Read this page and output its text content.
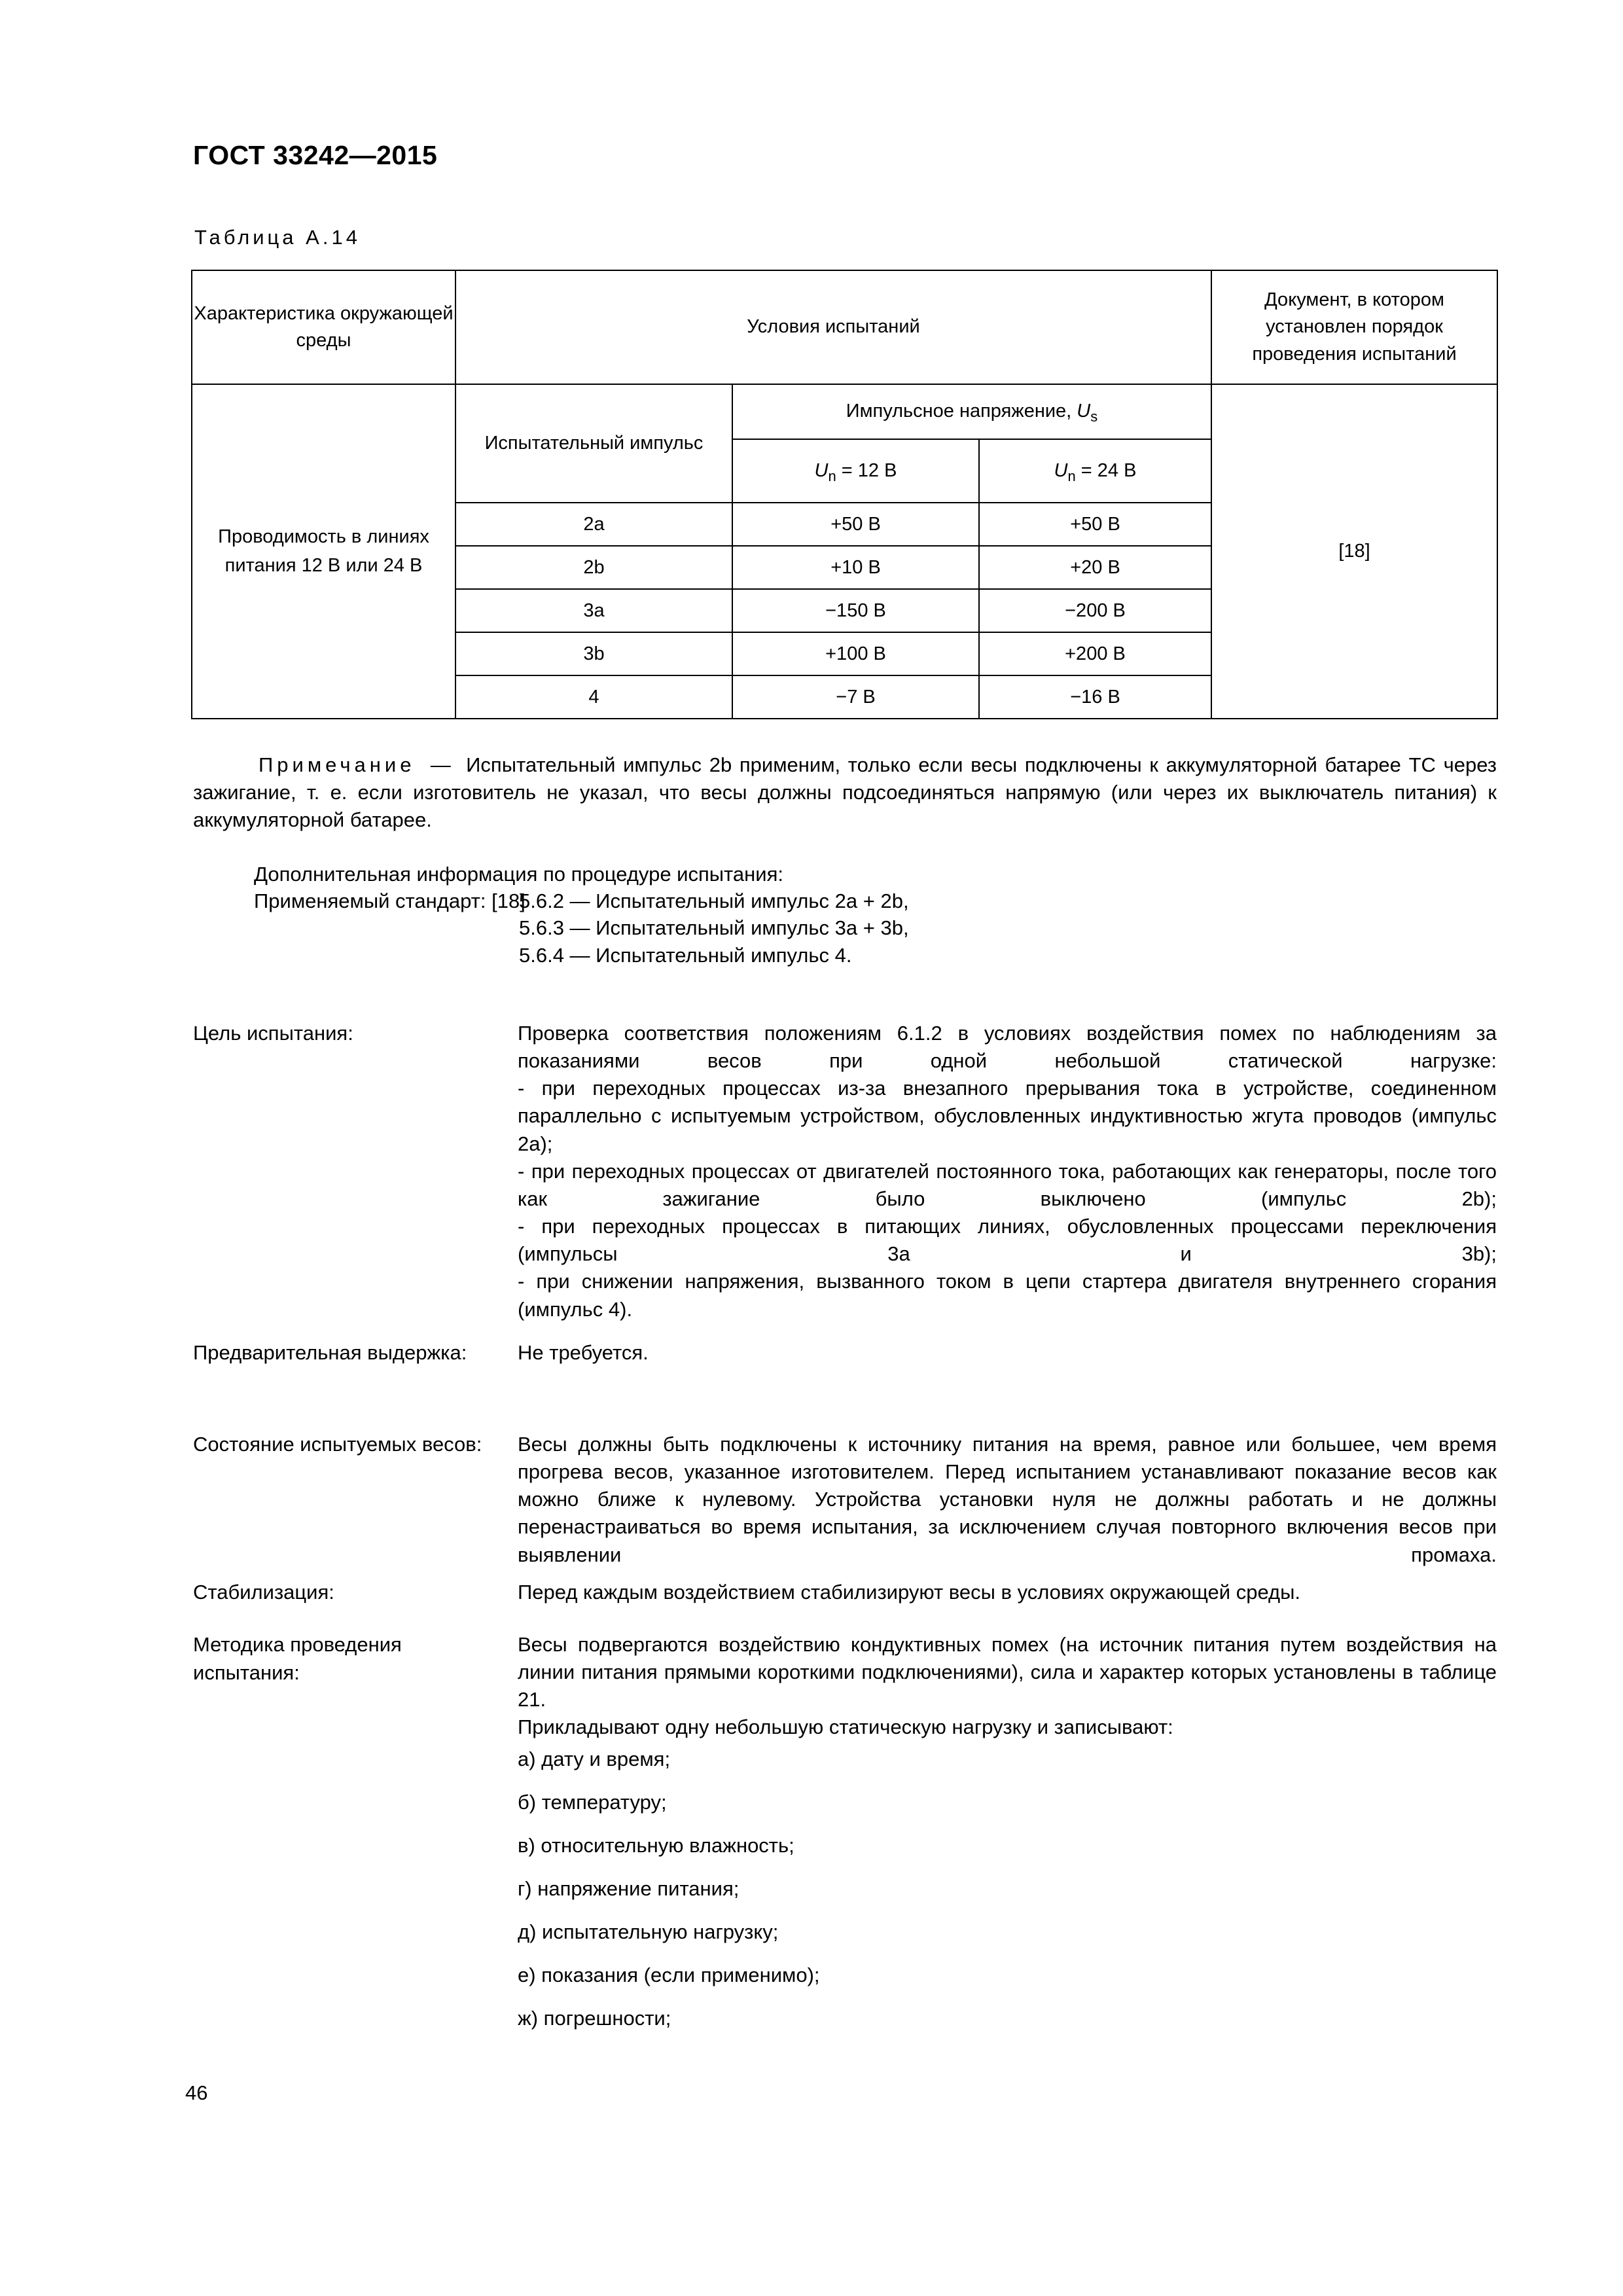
ГОСТ 33242—2015
Таблица А.14
Характеристика окружающей среды	Условия испытаний			Документ, в котором установлен порядок проведения испытаний
Проводимость в линиях питания 12 В или 24 В	Испытательный импульс	Импульсное напряжение, $U_s$		[18]
		$U_n = 12$ В	$U_n = 24$ В	
	2a	+50 В	+50 В	
	2b	+10 В	+20 В	
	3a	−150 В	−200 В	
	3b	+100 В	+200 В	
	4	−7 В	−16 В	
Примечание — Испытательный импульс 2b применим, только если весы подключены к аккумуляторной батарее ТС через зажигание, т. е. если изготовитель не указал, что весы должны подсоединяться напрямую (или через их выключатель питания) к аккумуляторной батарее.
Дополнительная информация по процедуре испытания:
Применяемый стандарт: [18]5.6.2 — Испытательный импульс 2a + 2b,
5.6.3 — Испытательный импульс 3a + 3b,
5.6.4 — Испытательный импульс 4.
Цель испытания:	Проверка соответствия положениям 6.1.2 в условиях воздействия помех по наблюдениям за показаниями весов при одной небольшой статической нагрузке:

- при переходных процессах из-за внезапного прерывания тока в устройстве, соединенном параллельно с испытуемым устройством, обусловленных индуктивностью жгута проводов (импульс 2a);

- при переходных процессах от двигателей постоянного тока, работающих как генераторы, после того как зажигание было выключено (импульс 2b);

- при переходных процессах в питающих линиях, обусловленных процессами переключения (импульсы 3a и 3b);

- при снижении напряжения, вызванного током в цепи стартера двигателя внутреннего сгорания (импульс 4).

Предварительная выдержка:	Не требуется.

Состояние испытуемых весов:	Весы должны быть подключены к источнику питания на время, равное или большее, чем время прогрева весов, указанное изготовителем. Перед испытанием устанавливают показание весов как можно ближе к нулевому. Устройства установки нуля не должны работать и не должны перенастраиваться во время испытания, за исключением случая повторного включения весов при выявлении промаха.

Стабилизация:	Перед каждым воздействием стабилизируют весы в условиях окружающей среды.

Методика проведения испытания:

Весы подвергаются воздействию кондуктивных помех (на источник питания путем воздействия на линии питания прямыми короткими подключениями), сила и характер которых установлены в таблице 21.

Прикладывают одну небольшую статическую нагрузку и записывают:

а) дату и время;
б) температуру;
в) относительную влажность;
г) напряжение питания;
д) испытательную нагрузку;
е) показания (если применимо);
ж) погрешности;
46
